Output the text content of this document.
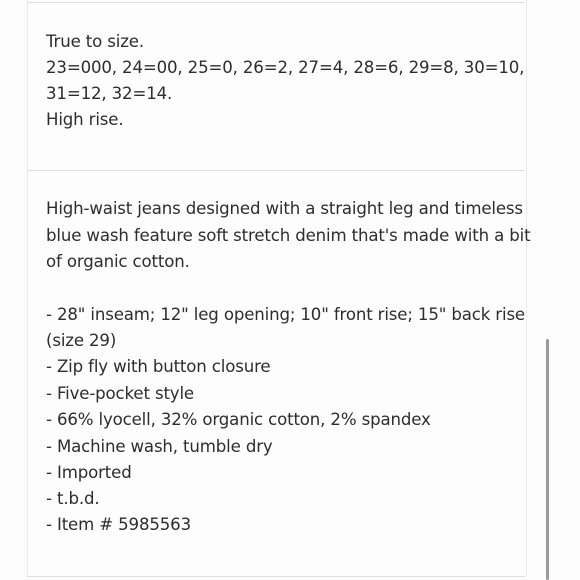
True to size.
23=000, 24=00, 25=0, 26=2, 27=4, 28=6, 29=8, 30=10,
31=12, 32=14.
High rise.
High-waist jeans designed with a straight leg and timeless
blue wash feature soft stretch denim that's made with a bit
of organic cotton.
- 28" inseam; 12" leg opening; 10" front rise; 15" back rise
(size 29)
- Zip fly with button closure
- Five-pocket style
- 66% lyocell, 32% organic cotton, 2% spandex
- Machine wash, tumble dry
- Imported
- t.b.d.
- Item # 5985563
